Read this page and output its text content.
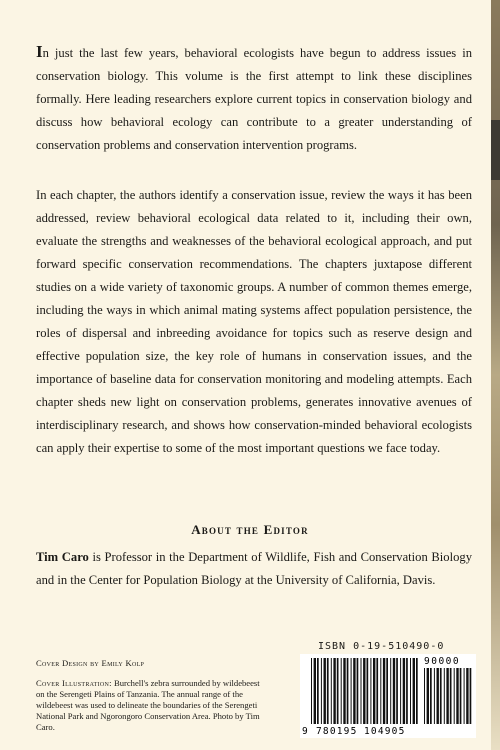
In just the last few years, behavioral ecologists have begun to address issues in conservation biology. This volume is the first attempt to link these disciplines formally. Here leading researchers explore current topics in conservation biology and discuss how behavioral ecology can contribute to a greater understanding of conservation problems and conservation intervention programs.

In each chapter, the authors identify a conservation issue, review the ways it has been addressed, review behavioral ecological data related to it, including their own, evaluate the strengths and weaknesses of the behavioral ecological approach, and put forward specific conservation recommendations. The chapters juxtapose different studies on a wide variety of taxonomic groups. A number of common themes emerge, including the ways in which animal mating systems affect population persistence, the roles of dispersal and inbreeding avoidance for topics such as reserve design and effective population size, the key role of humans in conservation issues, and the importance of baseline data for conservation monitoring and modeling attempts. Each chapter sheds new light on conservation problems, generates innovative avenues of interdisciplinary research, and shows how conservation-minded behavioral ecologists can apply their expertise to some of the most important questions we face today.

About the Editor

Tim Caro is Professor in the Department of Wildlife, Fish and Conservation Biology and in the Center for Population Biology at the University of California, Davis.

Cover Design by Emily Kolp

Cover Illustration: Burchell's zebra surrounded by wildebeest on the Serengeti Plains of Tanzania. The annual range of the wildebeest was used to delineate the boundaries of the Serengeti National Park and Ngorongoro Conservation Area. Photo by Tim Caro.

ISBN 0-19-510490-0

9 780195 104905
90000
